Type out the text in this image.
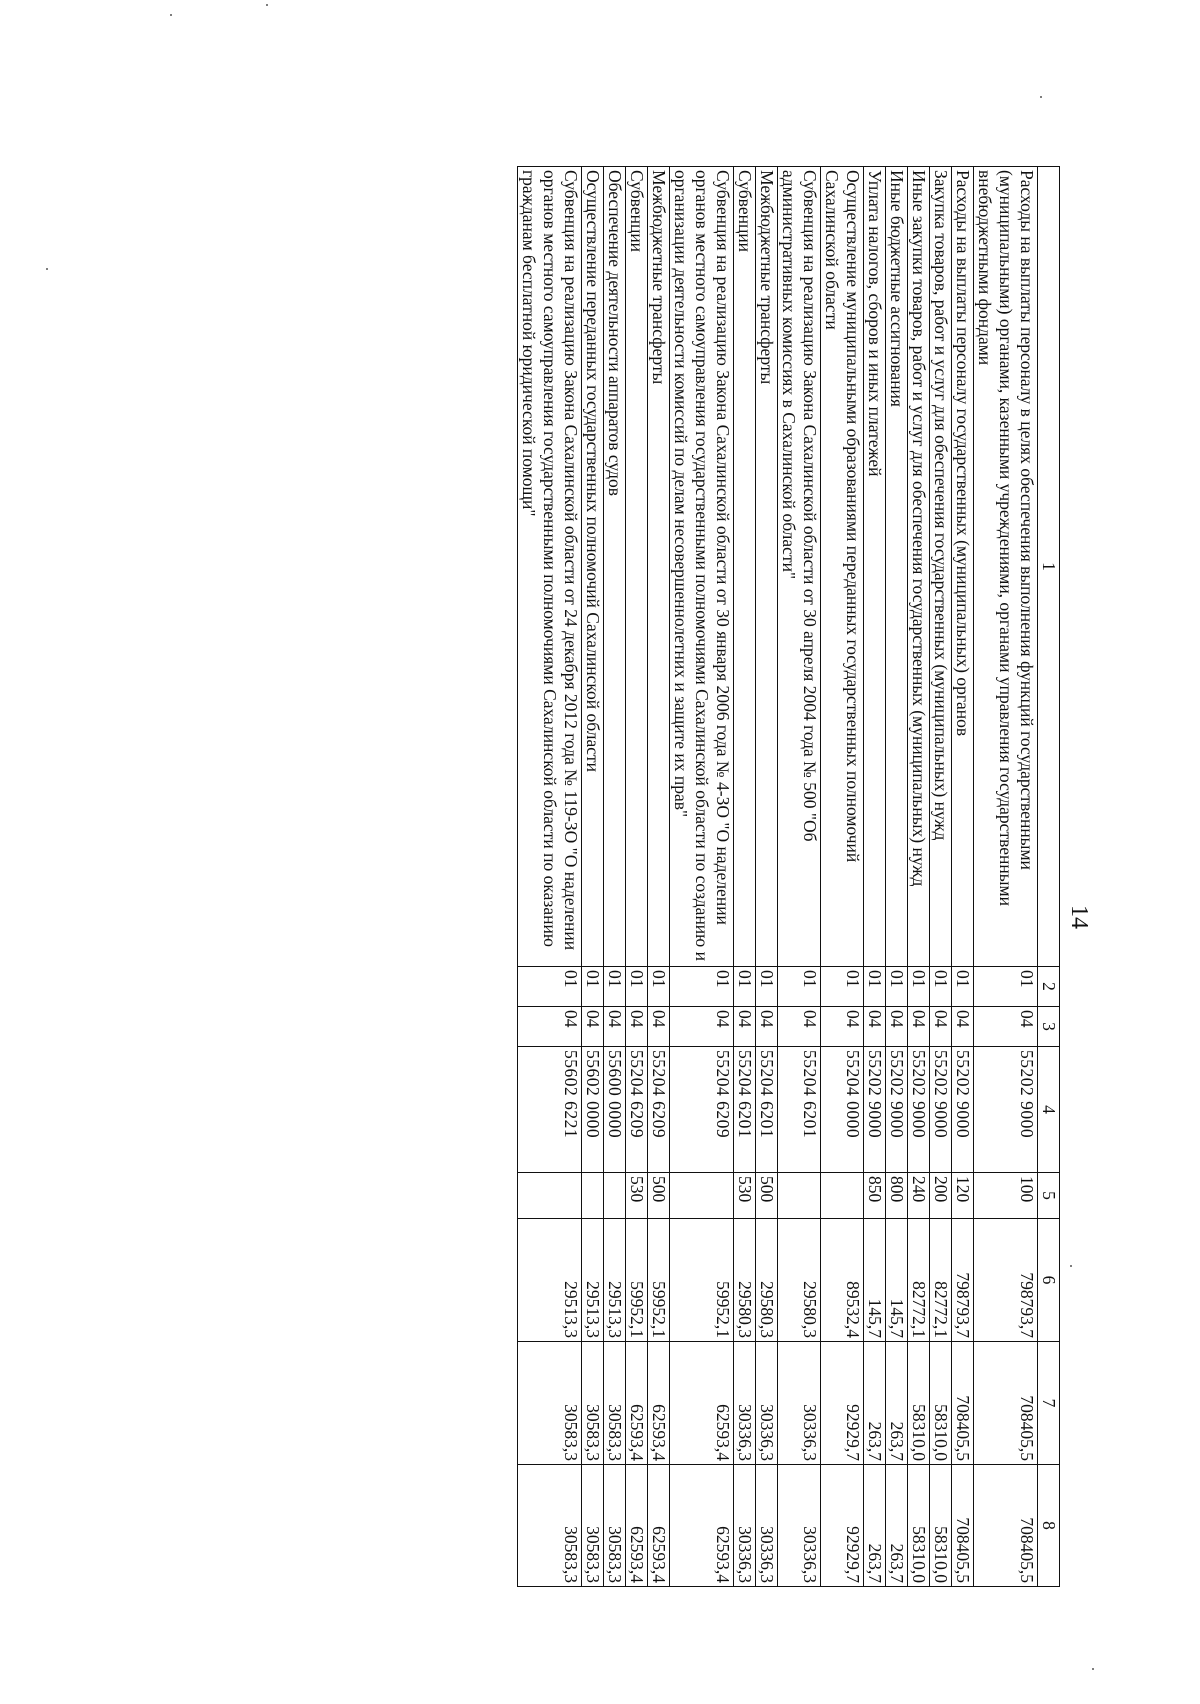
14
1	2	3	4	5	6	7	8
Расходы на выплаты персоналу в целях обеспечения выполнения функций государственными (муниципальными) органами, казенными учреждениями, органами управления государственными внебюджетными фондами	01	04	55202 9000	100	798793,7	708405,5	708405,5
Расходы на выплаты персоналу государственных (муниципальных) органов	01	04	55202 9000	120	798793,7	708405,5	708405,5
Закупка товаров, работ и услуг для обеспечения государственных (муниципальных) нужд	01	04	55202 9000	200	82772,1	58310,0	58310,0
Иные закупки товаров, работ и услуг для обеспечения государственных (муниципальных) нужд	01	04	55202 9000	240	82772,1	58310,0	58310,0
Иные бюджетные ассигнования	01	04	55202 9000	800	145,7	263,7	263,7
Уплата налогов, сборов и иных платежей	01	04	55202 9000	850	145,7	263,7	263,7
Осуществление муниципальными образованиями переданных государственных полномочий Сахалинской области	01	04	55204 0000		89532,4	92929,7	92929,7
Субвенция на реализацию Закона Сахалинской области от 30 апреля 2004 года № 500 "Об административных комиссиях в Сахалинской области"	01	04	55204 6201		29580,3	30336,3	30336,3
Межбюджетные трансферты	01	04	55204 6201	500	29580,3	30336,3	30336,3
Субвенции	01	04	55204 6201	530	29580,3	30336,3	30336,3
Субвенция на реализацию Закона Сахалинской области от 30 января 2006 года № 4-ЗО "О наделении органов местного самоуправления государственными полномочиями Сахалинской области по созданию и организации деятельности комиссий по делам несовершеннолетних и защите их прав"	01	04	55204 6209		59952,1	62593,4	62593,4
Межбюджетные трансферты	01	04	55204 6209	500	59952,1	62593,4	62593,4
Субвенции	01	04	55204 6209	530	59952,1	62593,4	62593,4
Обеспечение деятельности аппаратов судов	01	04	55600 0000		29513,3	30583,3	30583,3
Осуществление переданных государственных полномочий Сахалинской области	01	04	55602 0000		29513,3	30583,3	30583,3
Субвенция на реализацию Закона Сахалинской области от 24 декабря 2012 года № 119-ЗО "О наделении органов местного самоуправления государственными полномочиями Сахалинской области по оказанию гражданам бесплатной юридической помощи"	01	04	55602 6221		29513,3	30583,3	30583,3
